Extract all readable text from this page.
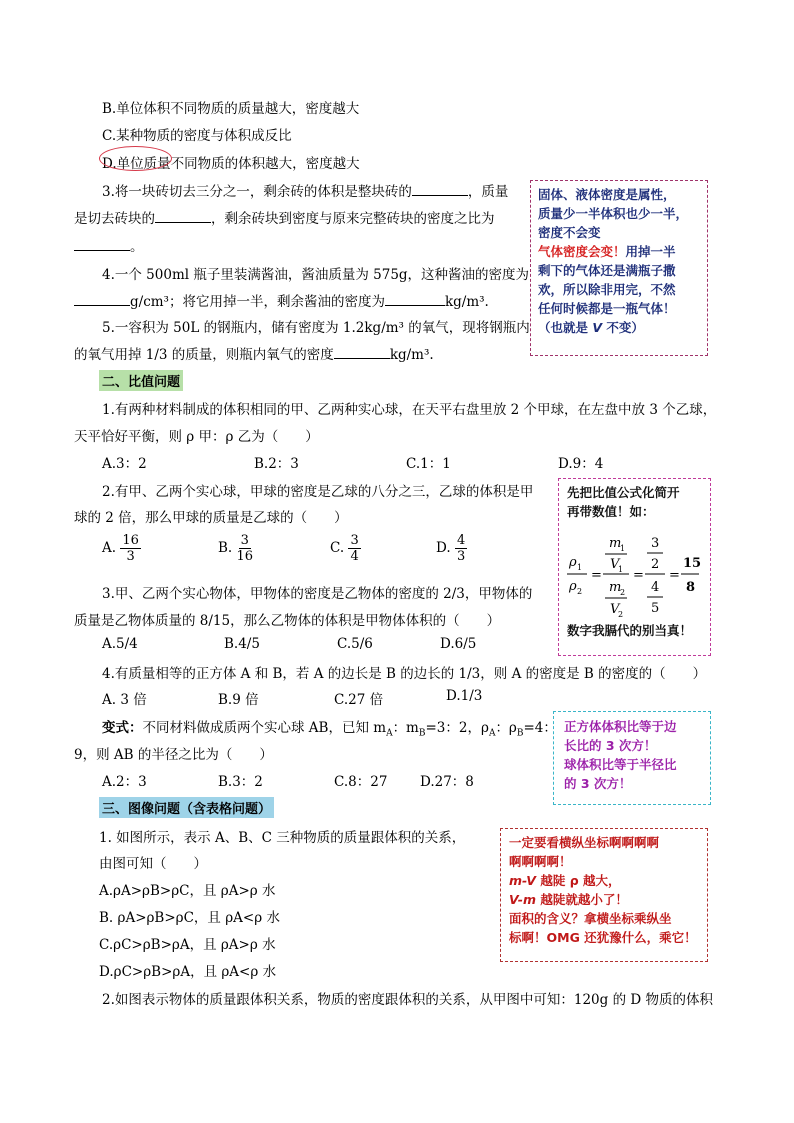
B.单位体积不同物质的质量越大，密度越大
C.某种物质的密度与体积成反比
D.单位质量不同物质的体积越大，密度越大
3.将一块砖切去三分之一，剩余砖的体积是整块砖的	，质量
是切去砖块的	，剩余砖块到密度与原来完整砖块的密度之比为
。
4.一个 500ml 瓶子里装满酱油，酱油质量为 575g，这种酱油的密度为
g/cm³；将它用掉一半，剩余酱油的密度为	kg/m³.
5.一容积为 50L 的钢瓶内，储有密度为 1.2kg/m³ 的氧气，现将钢瓶内
的氧气用掉 1/3 的质量，则瓶内氧气的密度	kg/m³.
固体、液体密度是属性，
质量少一半体积也少一半，
密度不会变
气体密度会变！用掉一半
剩下的气体还是满瓶子撒
欢，所以除非用完，不然
任何时候都是一瓶气体！
（也就是 V 不变）
二、比值问题
1.有两种材料制成的体积相同的甲、乙两种实心球，在天平右盘里放 2 个甲球，在左盘中放 3 个乙球，
天平恰好平衡，则 ρ 甲：ρ 乙为（　　）
A.3：2	B.2：3	C.1：1	D.9：4
2.有甲、乙两个实心球，甲球的密度是乙球的八分之三，乙球的体积是甲
球的 2 倍，那么甲球的质量是乙球的（　　）
A. $\frac{16}{3}$	B. $\frac{3}{16}$	C. $\frac{3}{4}$	D. $\frac{4}{3}$
先把比值公式化简开
再带数值！如：
ρ 1
ρ 2
=
m
1
V
1
m
2
V
2
=
3
2
4
5
=
15
8
数字我膈代的别当真！
3.甲、乙两个实心物体，甲物体的密度是乙物体的密度的 2/3，甲物体的
质量是乙物体质量的 8/15，那么乙物体的体积是甲物体体积的（　　）
A.5/4	B.4/5	C.5/6	D.6/5
4.有质量相等的正方体 A 和 B，若 A 的边长是 B 的边长的 1/3，则 A 的密度是 B 的密度的（　　）
A. 3 倍	B.9 倍	C.27 倍	D.1/3
变式：不同材料做成质两个实心球 AB，已知 $m_A$：$m_B=3$：2，$\rho_A$：$\rho_B=4$：
9，则 AB 的半径之比为（　　）
A.2：3	B.3：2	C.8：27 D.27：8
正方体体积比等于边
长比的 3 次方！
球体积比等于半径比
的 3 次方！
三、图像问题（含表格问题）
1. 如图所示，表示 A、B、C 三种物质的质量跟体积的关系，
由图可知（　　）
A.ρA>ρB>ρC，且 ρA>ρ 水
B. ρA>ρB>ρC，且 ρA<ρ 水
C.ρC>ρB>ρA，且 ρA>ρ 水
D.ρC>ρB>ρA，且 ρA<ρ 水
一定要看横纵坐标啊啊啊啊
啊啊啊啊！
m-V 越陡 ρ 越大，
V-m 越陡就越小了！
面积的含义？拿横坐标乘纵坐
标啊！OMG 还犹豫什么，乘它！
2.如图表示物体的质量跟体积关系，物质的密度跟体积的关系，从甲图中可知：120g 的 D 物质的体积
